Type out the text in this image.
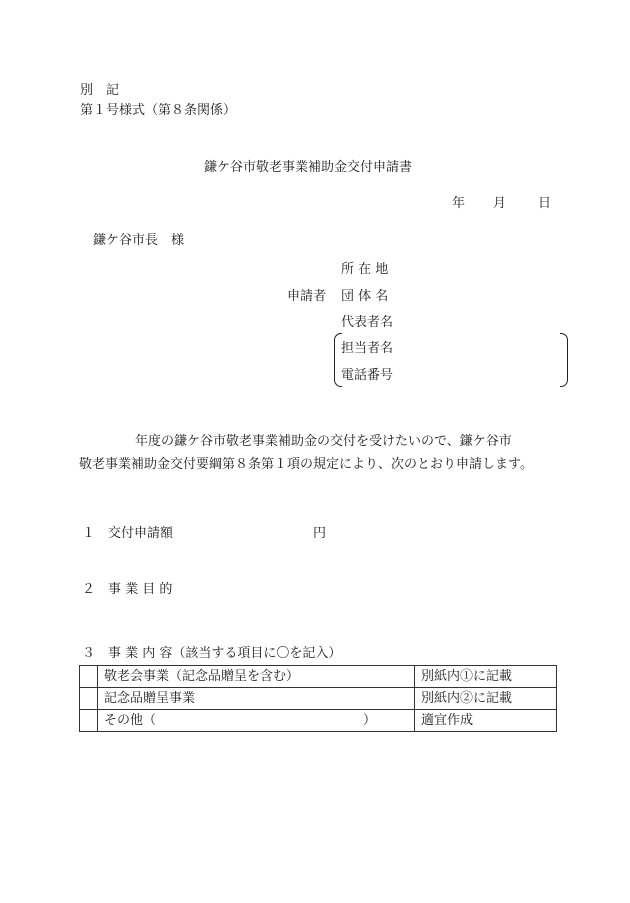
別　記
第１号様式（第８条関係）
鎌ケ谷市敬老事業補助金交付申請書
年 月 日
鎌ケ谷市長　様
所 在 地
申請者 団 体 名
代表者名
担当者名
電話番号
年度の鎌ケ谷市敬老事業補助金の交付を受けたいので、鎌ケ谷市
敬老事業補助金交付要綱第８条第１項の規定により、次のとおり申請します。
１ 交付申請額	円
２ 事 業 目 的
３ 事 業 内 容（該当する項目に〇を記入）
	敬老会事業（記念品贈呈を含む）	別紙内①に記載
	記念品贈呈事業	別紙内②に記載

	その他（ ）	適宜作成
